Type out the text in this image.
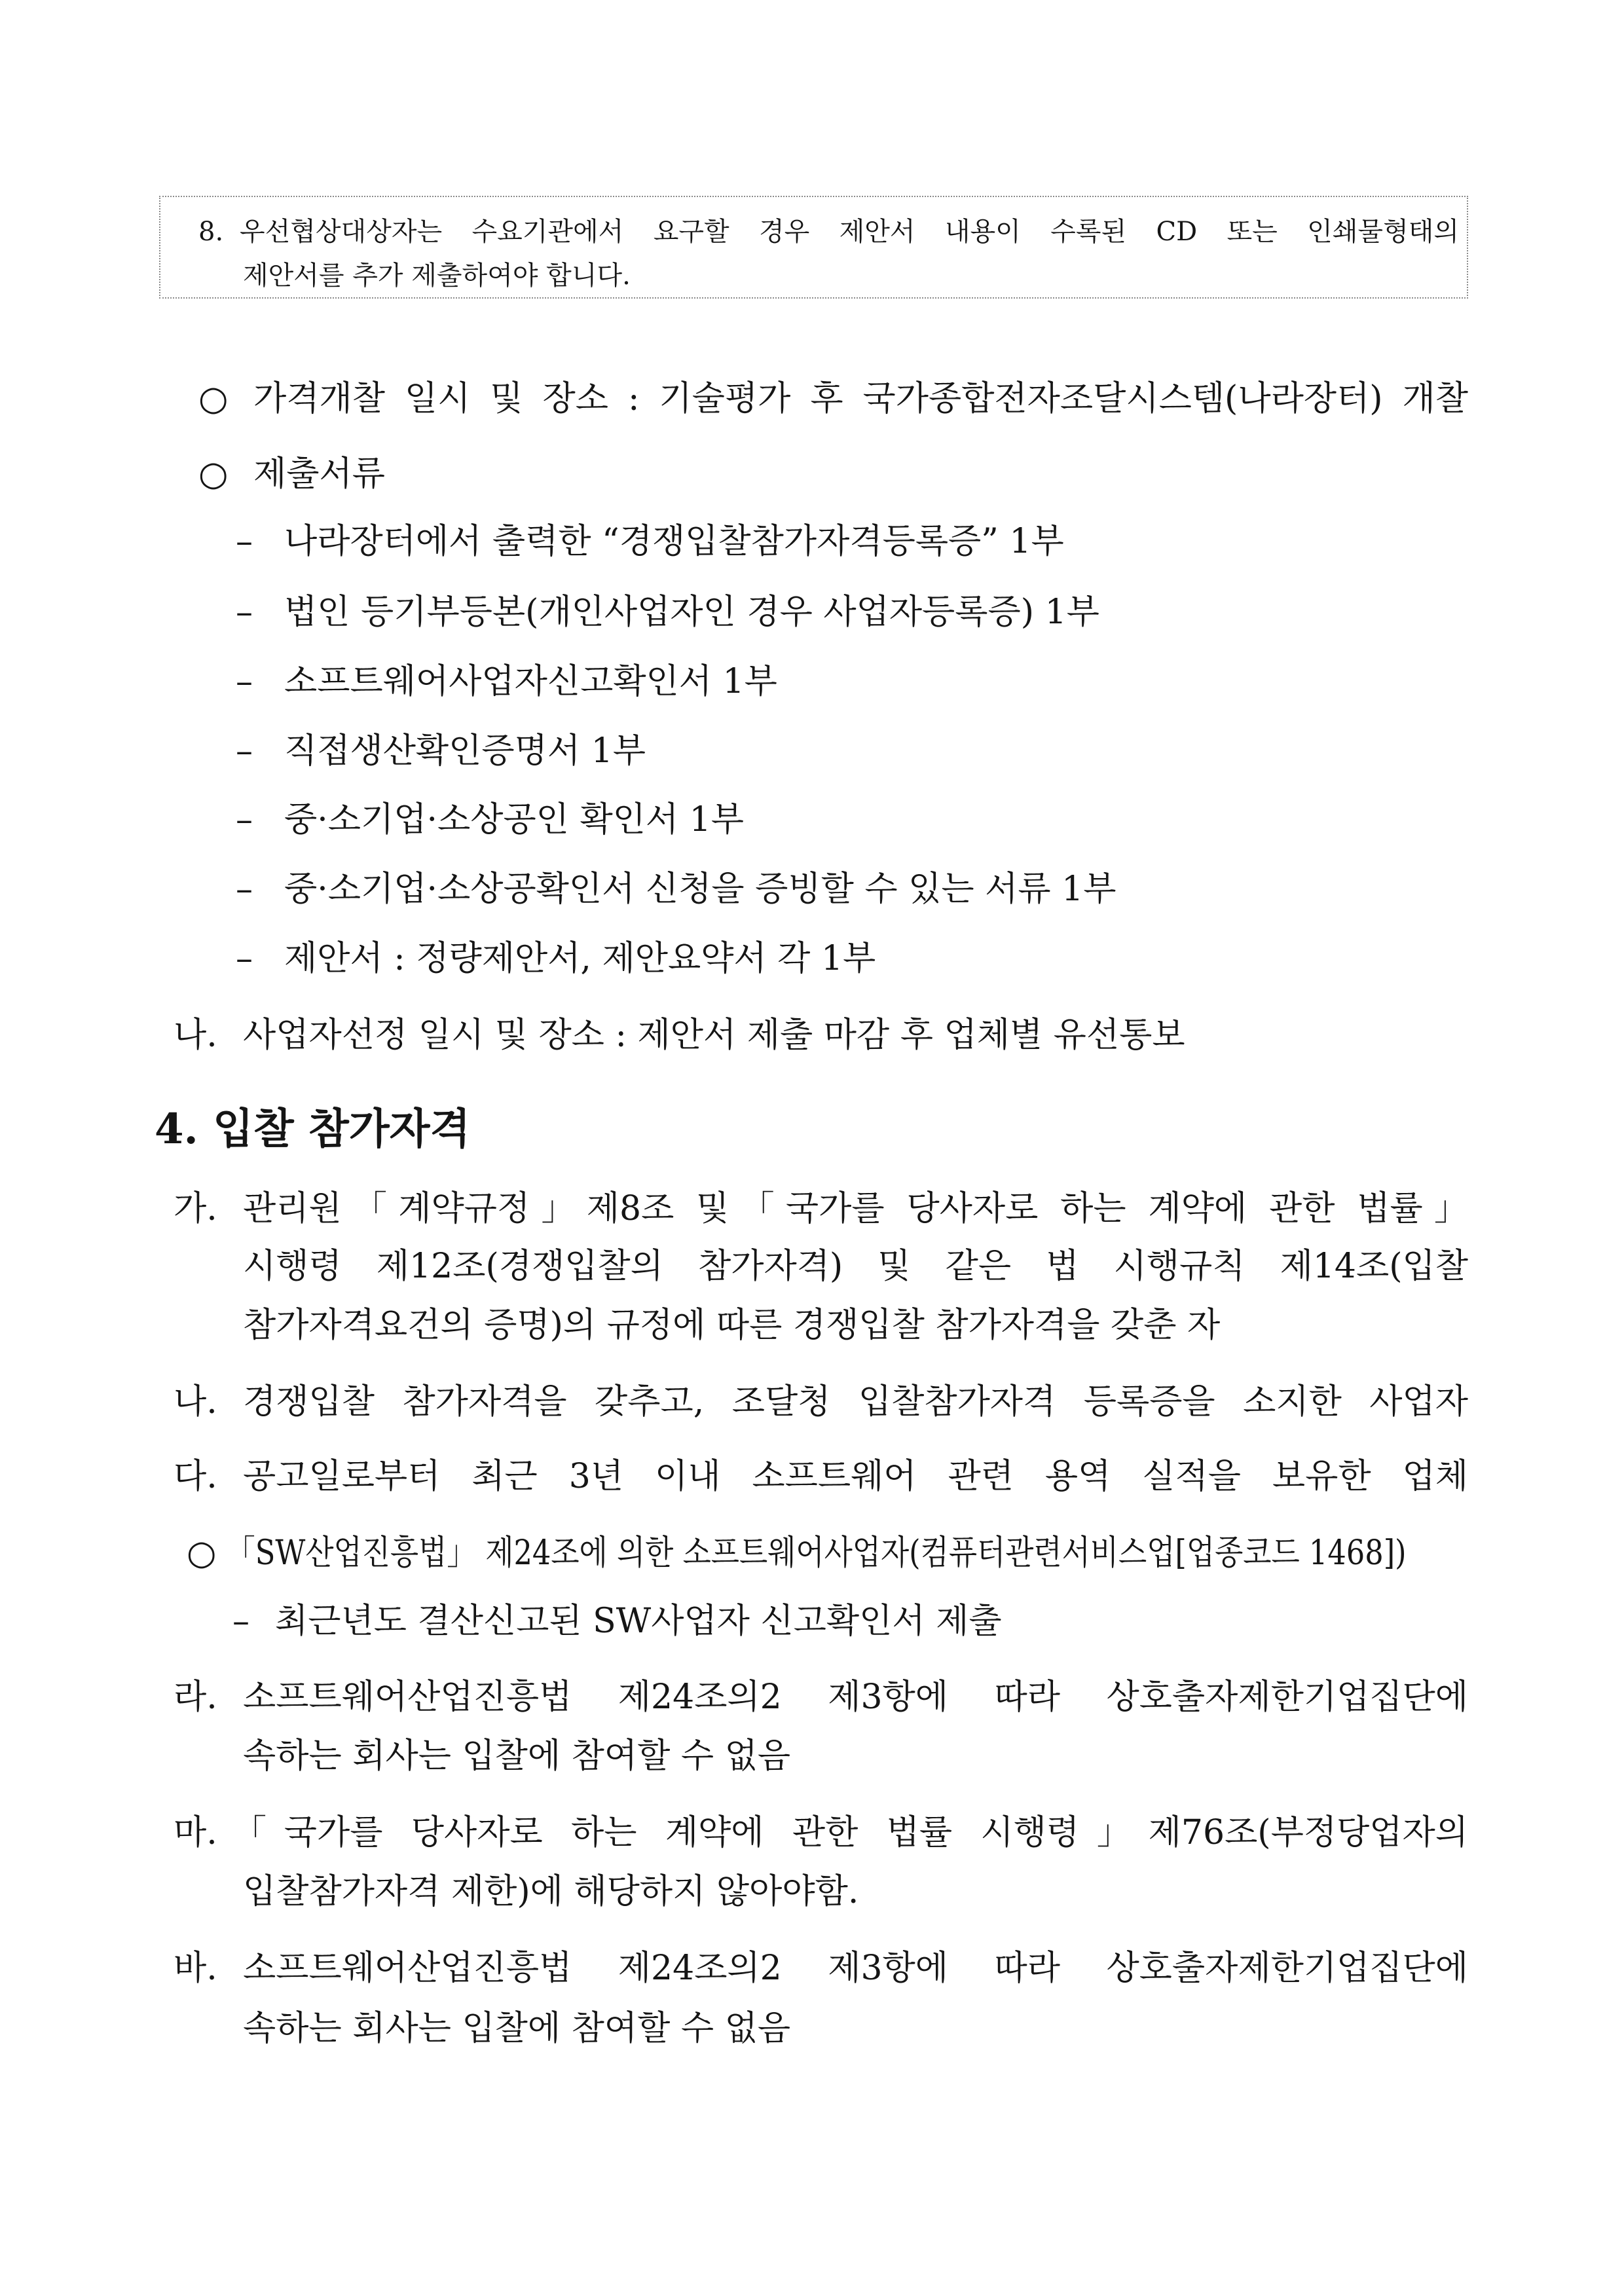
8. 우선협상대상자는 수요기관에서 요구할 경우 제안서 내용이 수록된 CD 또는 인쇄물형태의
제안서를 추가 제출하여야 합니다.
○ 가격개찰 일시 및 장소 : 기술평가 후 국가종합전자조달시스템(나라장터) 개찰
○ 제출서류
– 나라장터에서 출력한 “경쟁입찰참가자격등록증” 1부
– 법인 등기부등본(개인사업자인 경우 사업자등록증) 1부
– 소프트웨어사업자신고확인서 1부
– 직접생산확인증명서 1부
– 중·소기업·소상공인 확인서 1부
– 중·소기업·소상공확인서 신청을 증빙할 수 있는 서류 1부
– 제안서 : 정량제안서, 제안요약서 각 1부
나. 사업자선정 일시 및 장소 : 제안서 제출 마감 후 업체별 유선통보
4. 입찰 참가자격
가. 관리원「계약규정」제8조 및「국가를 당사자로 하는 계약에 관한 법률」
시행령 제12조(경쟁입찰의 참가자격) 및 같은 법 시행규칙 제14조(입찰
참가자격요건의 증명)의 규정에 따른 경쟁입찰 참가자격을 갖춘 자
나. 경쟁입찰 참가자격을 갖추고, 조달청 입찰참가자격 등록증을 소지한 사업자
다. 공고일로부터 최근 3년 이내 소프트웨어 관련 용역 실적을 보유한 업체
○ 「SW산업진흥법」 제24조에 의한 소프트웨어사업자(컴퓨터관련서비스업[업종코드 1468])
– 최근년도 결산신고된 SW사업자 신고확인서 제출
라. 소프트웨어산업진흥법 제24조의2 제3항에 따라 상호출자제한기업집단에
속하는 회사는 입찰에 참여할 수 없음
마. 「국가를 당사자로 하는 계약에 관한 법률 시행령」제76조(부정당업자의
입찰참가자격 제한)에 해당하지 않아야함.
바. 소프트웨어산업진흥법 제24조의2 제3항에 따라 상호출자제한기업집단에
속하는 회사는 입찰에 참여할 수 없음
